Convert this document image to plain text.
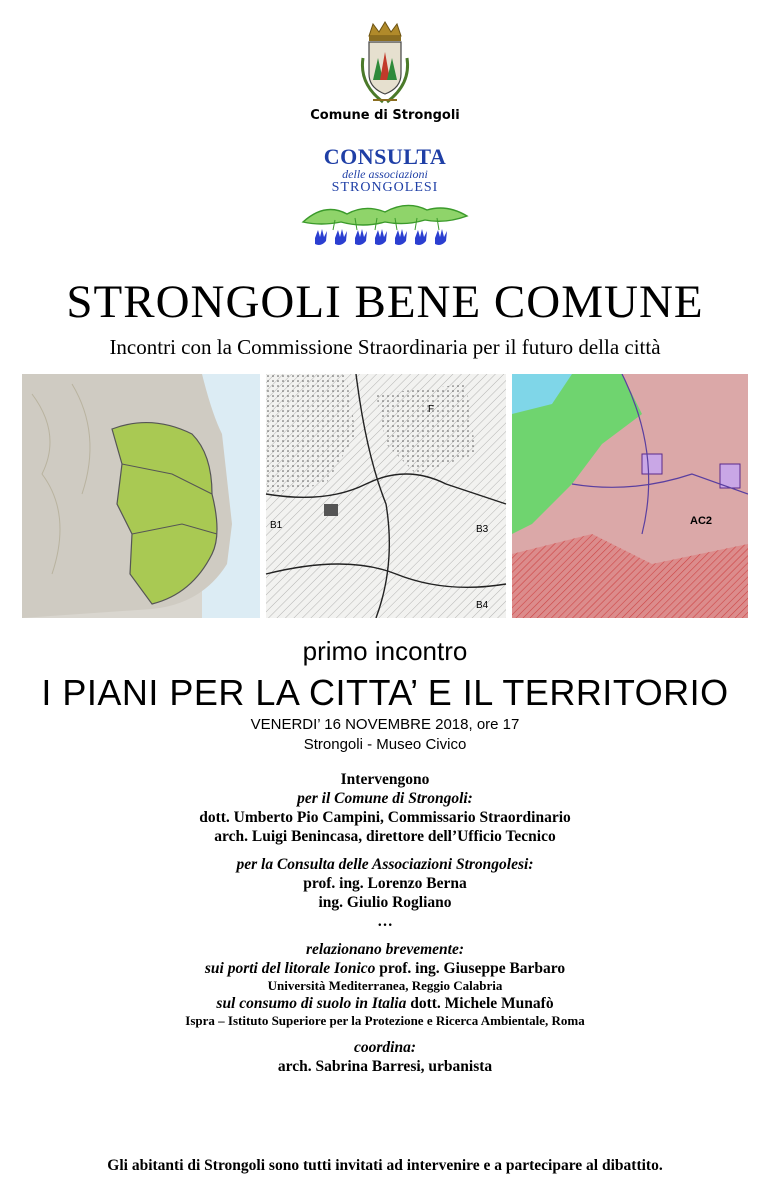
Comune di Strongoli
CONSULTA
delle associazioni
STRONGOLESI
STRONGOLI BENE COMUNE
Incontri con la Commissione Straordinaria per il futuro della città
F
B1	B3
B4
AC2
primo incontro
I PIANI PER LA CITTA’ E IL TERRITORIO
VENERDI’ 16 NOVEMBRE 2018, ore 17
Strongoli - Museo Civico
Intervengono
per il Comune di Strongoli:
dott. Umberto Pio Campini, Commissario Straordinario
arch. Luigi Benincasa, direttore dell’Ufficio Tecnico
per la Consulta delle Associazioni Strongolesi:
prof. ing. Lorenzo Berna
ing. Giulio Rogliano
…
relazionano brevemente:
sui porti del litorale Ionico prof. ing. Giuseppe Barbaro
Università Mediterranea, Reggio Calabria
sul consumo di suolo in Italia dott. Michele Munafò
Ispra – Istituto Superiore per la Protezione e Ricerca Ambientale, Roma
coordina:
arch. Sabrina Barresi, urbanista
Gli abitanti di Strongoli sono tutti invitati ad intervenire e a partecipare al dibattito.
